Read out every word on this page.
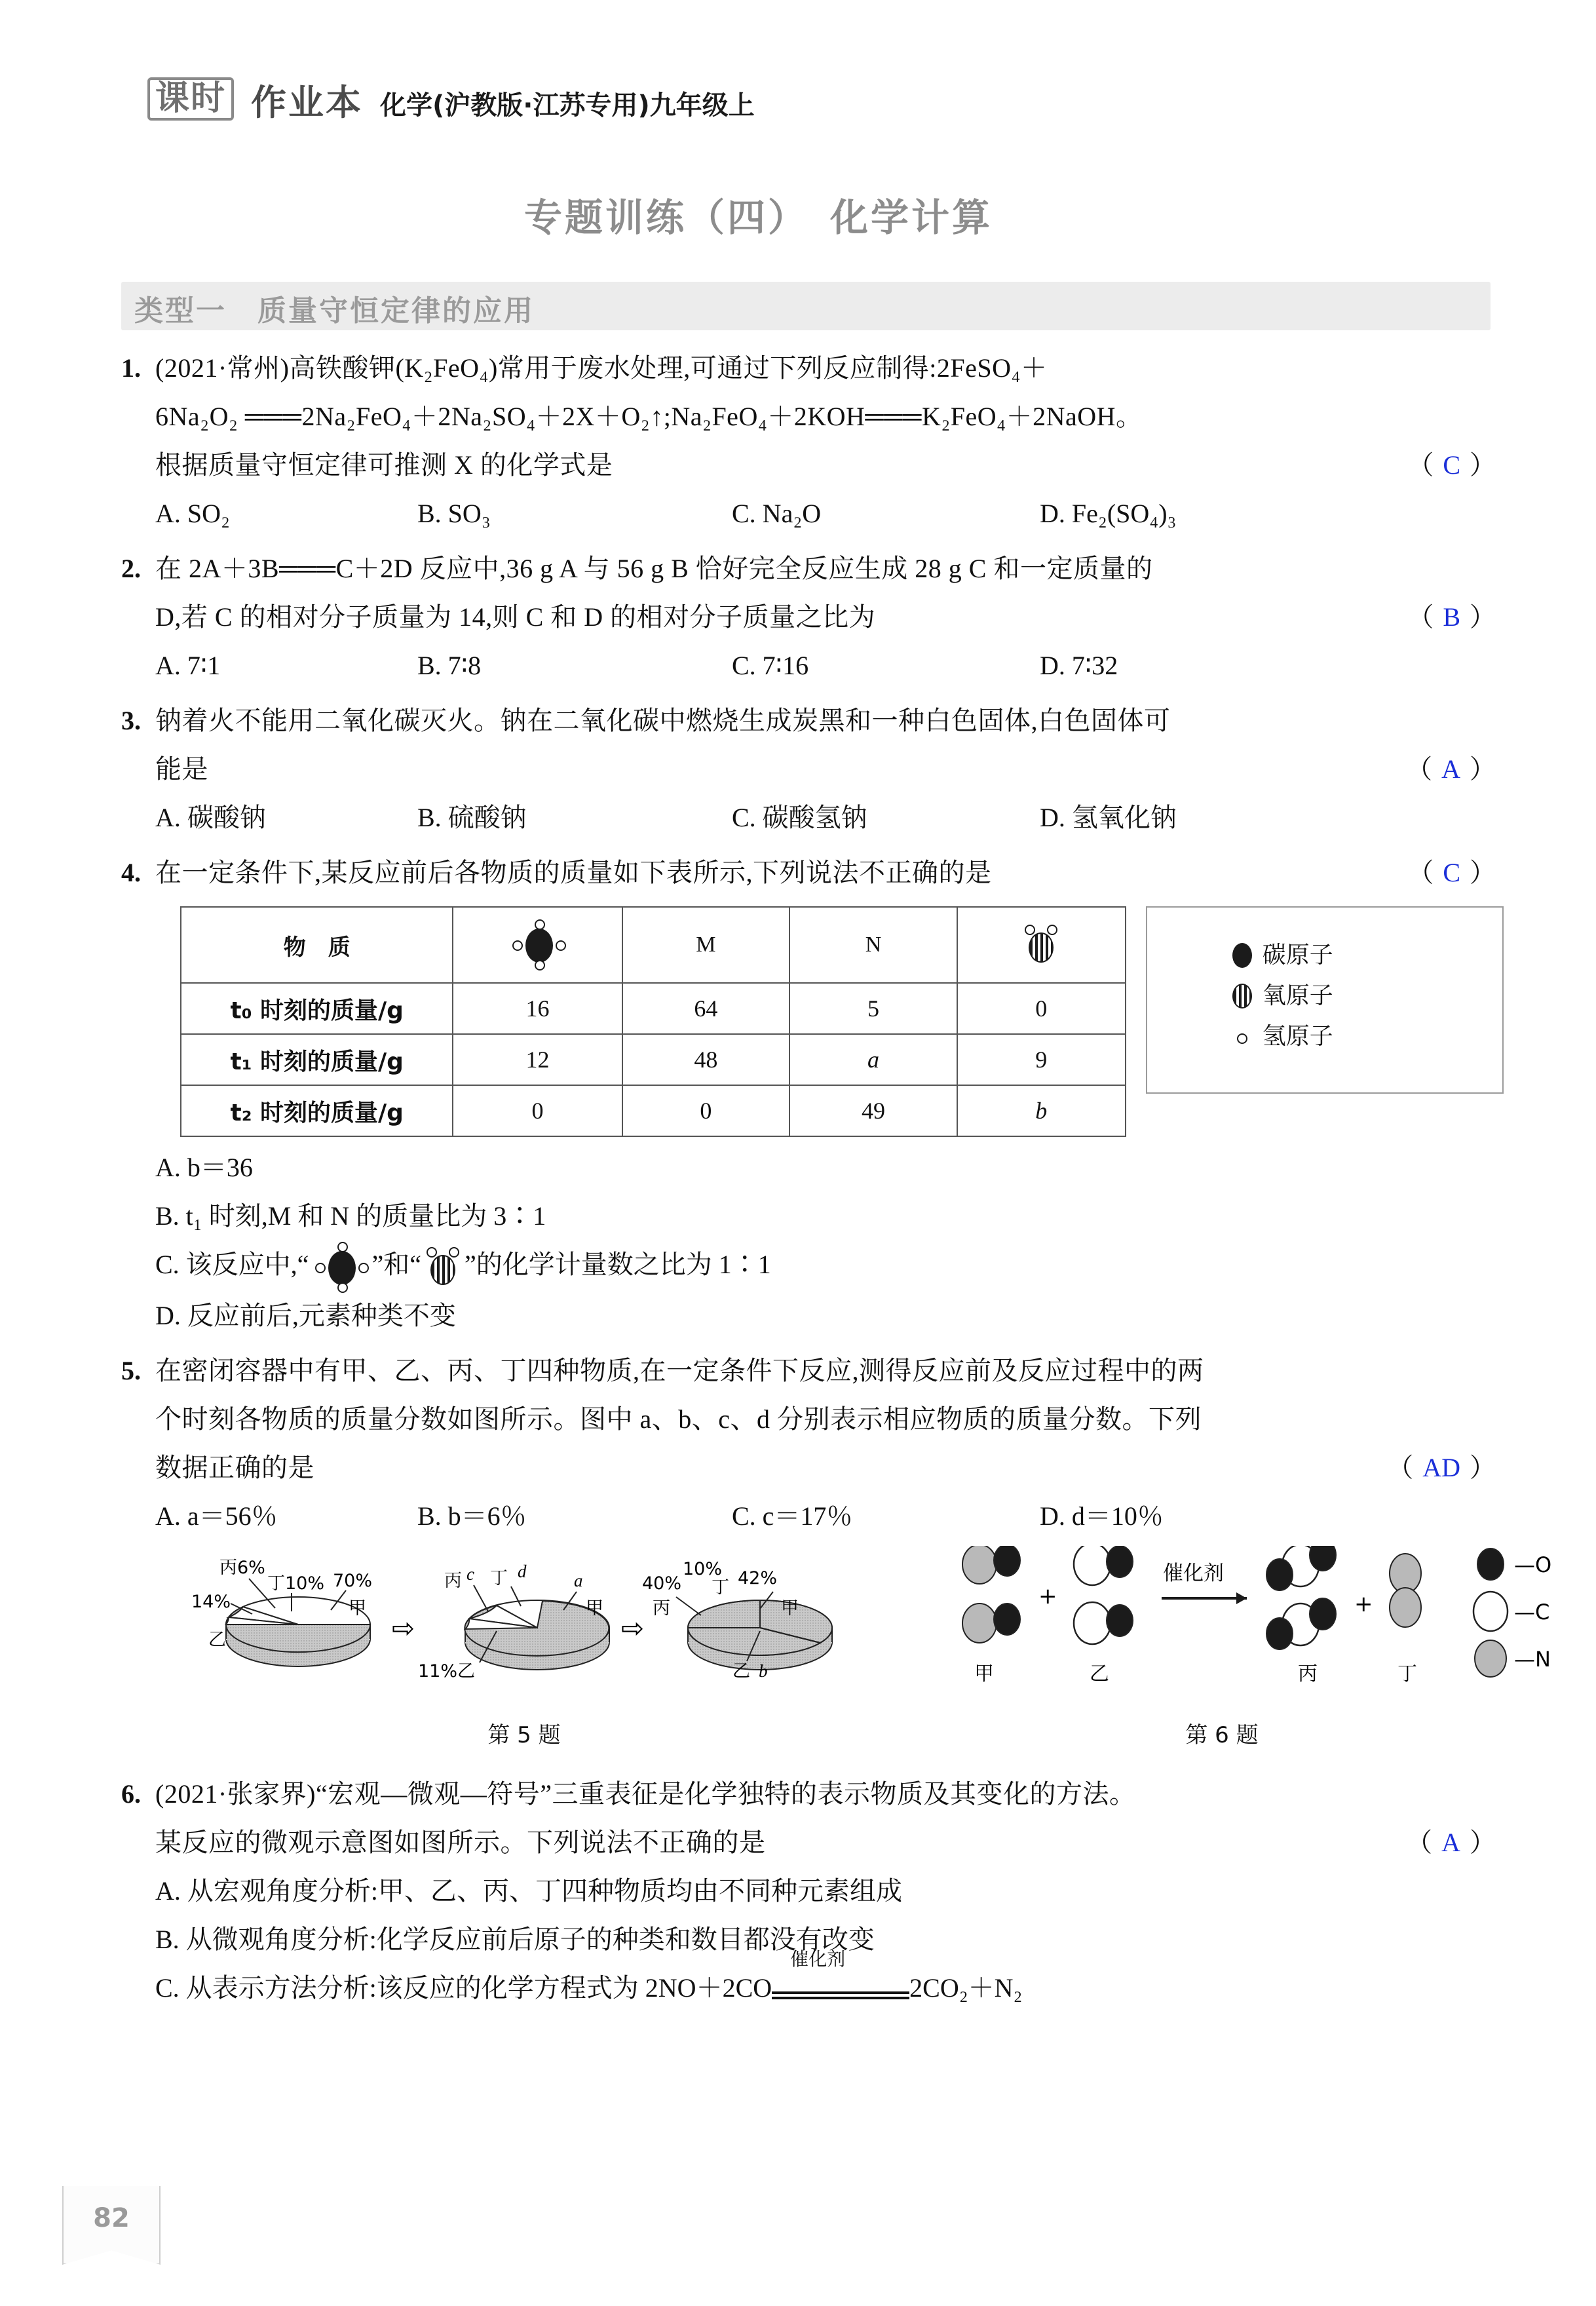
课时 作业本 化学(沪教版·江苏专用)九年级上
专题训练（四）　化学计算
类型一　质量守恒定律的应用
1. (2021·常州)高铁酸钾(K₂FeO₄)常用于废水处理,可通过下列反应制得:2FeSO₄＋
6Na₂O₂ ═══2Na₂FeO₄＋2Na₂SO₄＋2X＋O₂↑;Na₂FeO₄＋2KOH═══K₂FeO₄＋2NaOH。
根据质量守恒定律可推测 X 的化学式是	（ C ）
A. SO₂	B. SO₃	C. Na₂O	D. Fe₂(SO₄)₃
2. 在 2A＋3B═══C＋2D 反应中,36 g A 与 56 g B 恰好完全反应生成 28 g C 和一定质量的
D,若 C 的相对分子质量为 14,则 C 和 D 的相对分子质量之比为	（ B ）
A. 7∶1	B. 7∶8	C. 7∶16	D. 7∶32
3. 钠着火不能用二氧化碳灭火。钠在二氧化碳中燃烧生成炭黑和一种白色固体,白色固体可
能是	（ A ）
A. 碳酸钠	B. 硫酸钠	C. 碳酸氢钠	D. 氢氧化钠
4. 在一定条件下,某反应前后各物质的质量如下表所示,下列说法不正确的是	（ C ）
物　质		M	N	

t₀ 时刻的质量/g	16	64	5	0
t₁ 时刻的质量/g	12	48	a	9
t₂ 时刻的质量/g	0	0	49	b
碳原子
氧原子
氢原子
A. b＝36
B. t₁ 时刻,M 和 N 的质量比为 3∶1
C. 该反应中,“ ”和“ ”的化学计量数之比为 1∶1
D. 反应前后,元素种类不变
5. 在密闭容器中有甲、乙、丙、丁四种物质,在一定条件下反应,测得反应前及反应过程中的两
个时刻各物质的质量分数如图所示。图中 a、b、c、d 分别表示相应物质的质量分数。下列
数据正确的是	（ AD ）
A. a＝56％	B. b＝6％	C. c＝17％	D. d＝10％
丙6%
丁10% 70%
14%
乙
甲
⇨
丙 c 丁 d	a
甲
11%乙
⇨
10%
40%	42%
丁
丙	甲
乙 b
第 5 题
甲
+
乙
催化剂
丙
+
丁
—O
—C
—N
第 6 题
6. (2021·张家界)“宏观—微观—符号”三重表征是化学独特的表示物质及其变化的方法。
某反应的微观示意图如图所示。下列说法不正确的是	（ A ）
A. 从宏观角度分析:甲、乙、丙、丁四种物质均由不同种元素组成
B. 从微观角度分析:化学反应前后原子的种类和数目都没有改变
C. 从表示方法分析:该反应的化学方程式为 2NO＋2CO
催化剂
2CO₂＋N₂
82
